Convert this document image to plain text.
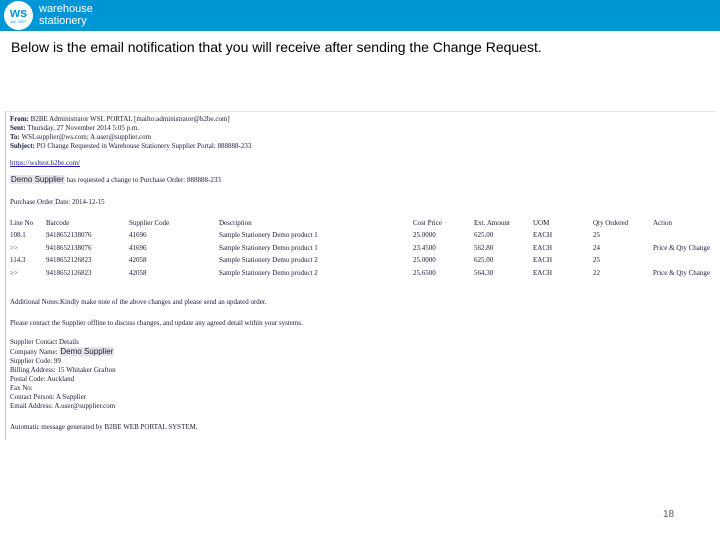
ws
est. 1997
warehouse
stationery
Below is the email notification that you will receive after sending the Change Request.
From: B2BE Administrator WSL PORTAL [mailto:administrator@b2be.com]
Sent: Thursday, 27 November 2014 5:05 p.m.
To: WSLsupplier@ws.com; A.user@supplier.com
Subject: PO Change Requested in Warehouse Stationery Supplier Portal: 888888-233
https://wsltest.b2be.com/
Demo Supplier has requested a change to Purchase Order: 888888-233
Purchase Order Date: 2014-12-15
Line No Barcode	Supplier Code	Description	Cost Price	Ext. Amount	UOM	Qty Ordered	Action
108.1	9418652138076	41696	Sample Stationery Demo product 1	25.0000	625.00	EACH	25
>>	9418652138076	41696	Sample Stationery Demo product 1	23.4500	562.80	EACH	24	Price & Qty Change
114.3	9418652126823	42058	Sample Stationery Demo product 2	25.0000	625.00	EACH	25
>>	9418652126823	42058	Sample Stationery Demo product 2	25.6500	564.30	EACH	22	Price & Qty Change
Additional Notes:Kindly make note of the above changes and please send an updated order.
Please contact the Supplier offline to discuss changes, and update any agreed detail within your systems.
Supplier Contact Details
Company Name: Demo Supplier
Supplier Code: 99
Billing Address: 15 Whitaker Grafton
Postal Code: Auckland
Fax No:
Contact Person: A Supplier
Email Address: A.user@supplier.com
Automatic message generated by B2BE WEB PORTAL SYSTEM.
18
